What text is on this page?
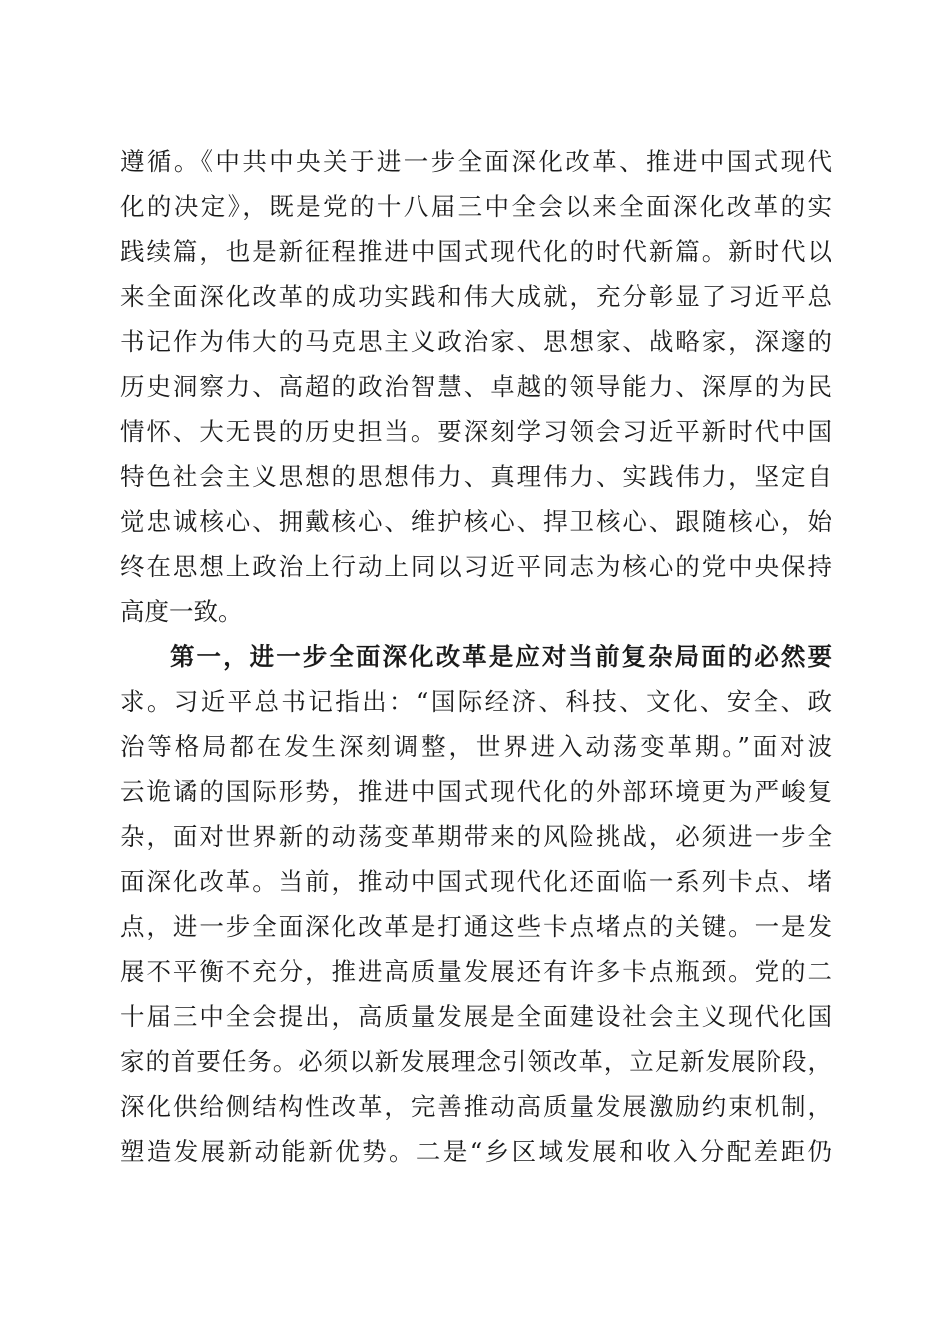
遵循。《中共中央关于进一步全面深化改革、推进中国式现代
化的决定》，既是党的十八届三中全会以来全面深化改革的实
践续篇，也是新征程推进中国式现代化的时代新篇。新时代以
来全面深化改革的成功实践和伟大成就，充分彰显了习近平总
书记作为伟大的马克思主义政治家、思想家、战略家，深邃的
历史洞察力、高超的政治智慧、卓越的领导能力、深厚的为民
情怀、大无畏的历史担当。要深刻学习领会习近平新时代中国
特色社会主义思想的思想伟力、真理伟力、实践伟力，坚定自
觉忠诚核心、拥戴核心、维护核心、捍卫核心、跟随核心，始
终在思想上政治上行动上同以习近平同志为核心的党中央保持
高度一致。
第一，进一步全面深化改革是应对当前复杂局面的必然要
求。习近平总书记指出：“国际经济、科技、文化、安全、政
治等格局都在发生深刻调整，世界进入动荡变革期。”面对波
云诡谲的国际形势，推进中国式现代化的外部环境更为严峻复
杂，面对世界新的动荡变革期带来的风险挑战，必须进一步全
面深化改革。当前，推动中国式现代化还面临一系列卡点、堵
点，进一步全面深化改革是打通这些卡点堵点的关键。一是发
展不平衡不充分，推进高质量发展还有许多卡点瓶颈。党的二
十届三中全会提出，高质量发展是全面建设社会主义现代化国
家的首要任务。必须以新发展理念引领改革，立足新发展阶段，
深化供给侧结构性改革，完善推动高质量发展激励约束机制，
塑造发展新动能新优势。二是“乡区域发展和收入分配差距仍
